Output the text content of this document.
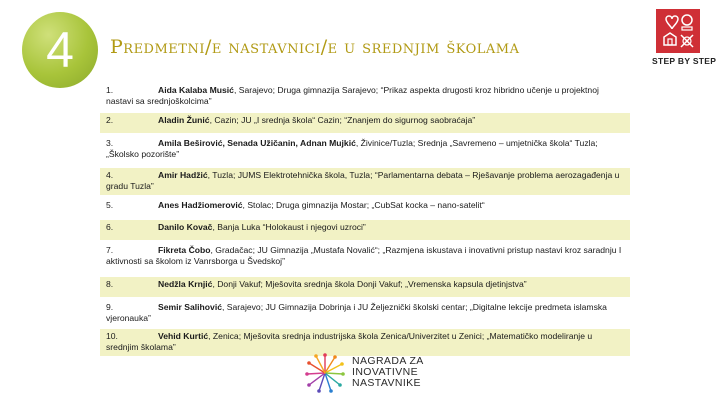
4 Predmetni/e nastavnici/e u srednjim školama
STEP BY STEP
1.	Aida Kalaba Musić, Sarajevo; Druga gimnazija Sarajevo; “Prikaz aspekta drugosti kroz hibridno učenje u projektnoj nastavi sa srednjoškolcima”
2.	Aladin Žunić, Cazin; JU „I srednja škola“ Cazin; “Znanjem do sigurnog saobraćaja”
3.	Amila Beširović, Senada Užičanin, Adnan Mujkić, Živinice/Tuzla; Srednja „Savremeno – umjetnička škola“ Tuzla; „Školsko pozorište”
4.	Amir Hadžić, Tuzla; JUMS Elektrotehnička škola, Tuzla; “Parlamentarna debata – Rješavanje problema aerozagađenja u gradu Tuzla”
5.	Anes Hadžiomerović, Stolac; Druga gimnazija Mostar; „CubSat kocka – nano-satelit“
6.	Danilo Kovač, Banja Luka “Holokaust i njegovi uzroci”
7.	Fikreta Čobo, Gradačac; JU Gimnazija „Mustafa Novalić“; „Razmjena iskustava i inovativni pristup nastavi kroz saradnju I aktivnosti sa školom iz Vanrsborga u Švedskoj”
8.	Nedžla Krnjić, Donji Vakuf; Mješovita srednja škola Donji Vakuf; „Vremenska kapsula djetinjstva”
9.	Semir Salihović, Sarajevo; JU Gimnazija Dobrinja i JU Željeznički školski centar; „Digitalne lekcije predmeta islamska vjeronauka”
10.	Vehid Kurtić, Zenica; Mješovita srednja industrijska škola Zenica/Univerzitet u Zenici; „Matematičko modeliranje u srednjim školama”
NAGRADA ZA
INOVATIVNE
NASTAVNIKE
